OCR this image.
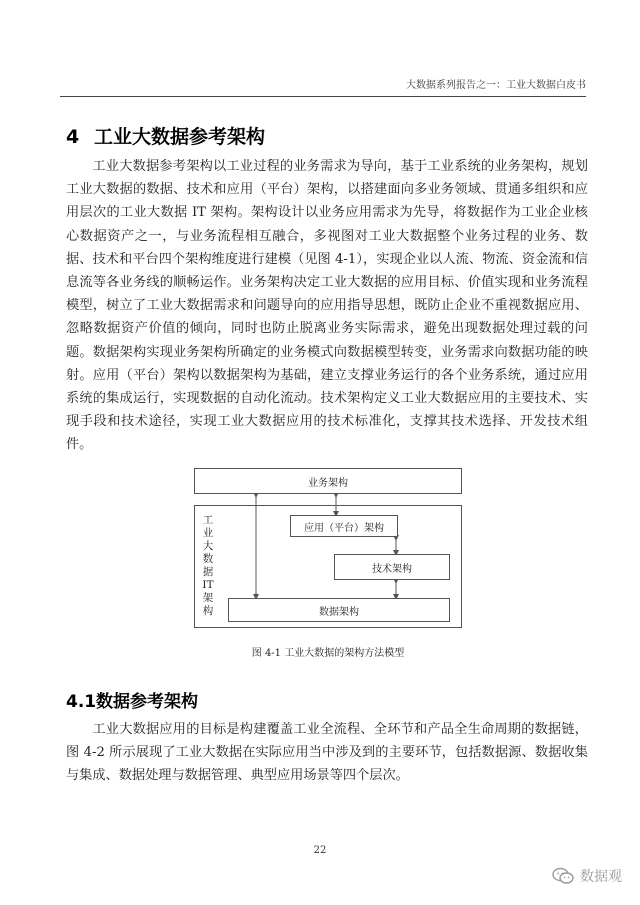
大数据系列报告之一：工业大数据白皮书
4 工业大数据参考架构

工业大数据参考架构以工业过程的业务需求为导向，基于工业系统的业务架构，规划工业大数据的数据、技术和应用（平台）架构，以搭建面向多业务领域、贯通多组织和应用层次的工业大数据 IT 架构。架构设计以业务应用需求为先导，将数据作为工业企业核心数据资产之一，与业务流程相互融合，多视图对工业大数据整个业务过程的业务、数据、技术和平台四个架构维度进行建模（见图 4-1），实现企业以人流、物流、资金流和信息流等各业务线的顺畅运作。业务架构决定工业大数据的应用目标、价值实现和业务流程模型，树立了工业大数据需求和问题导向的应用指导思想，既防止企业不重视数据应用、忽略数据资产价值的倾向，同时也防止脱离业务实际需求，避免出现数据处理过载的问题。数据架构实现业务架构所确定的业务模式向数据模型转变，业务需求向数据功能的映射。应用（平台）架构以数据架构为基础，建立支撑业务运行的各个业务系统，通过应用系统的集成运行，实现数据的自动化流动。技术架构定义工业大数据应用的主要技术、实现手段和技术途径，实现工业大数据应用的技术标准化，支撑其技术选择、开发技术组件。

业务架构
工业大数据IT架构
应用（平台）架构
技术架构
数据架构
图 4-1 工业大数据的架构方法模型
4.1数据参考架构

工业大数据应用的目标是构建覆盖工业全流程、全环节和产品全生命周期的数据链，图 4-2 所示展现了工业大数据在实际应用当中涉及到的主要环节，包括数据源、数据收集与集成、数据处理与数据管理、典型应用场景等四个层次。

22
数据观
